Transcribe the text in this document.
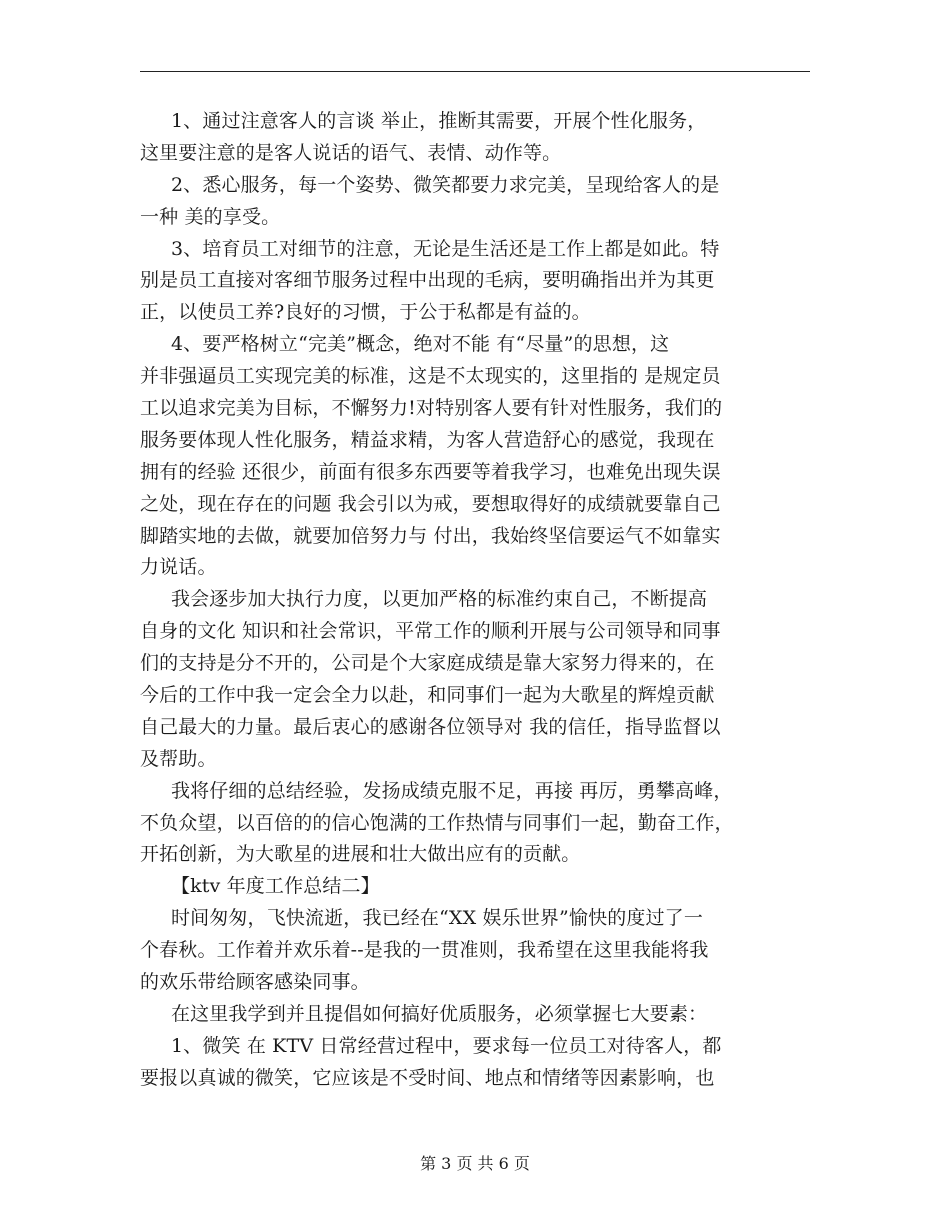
1、通过注意客人的言谈 举止，推断其需要，开展个性化服务，
这里要注意的是客人说话的语气、表情、动作等。
2、悉心服务，每一个姿势、微笑都要力求完美，呈现给客人的是
一种 美的享受。
3、培育员工对细节的注意，无论是生活还是工作上都是如此。特
别是员工直接对客细节服务过程中出现的毛病，要明确指出并为其更
正，以使员工养?良好的习惯，于公于私都是有益的。
4、要严格树立“完美”概念，绝对不能 有“尽量”的思想，这
并非强逼员工实现完美的标准，这是不太现实的，这里指的 是规定员
工以追求完美为目标，不懈努力!对特别客人要有针对性服务，我们的
服务要体现人性化服务，精益求精，为客人营造舒心的感觉，我现在
拥有的经验 还很少，前面有很多东西要等着我学习，也难免出现失误
之处，现在存在的问题 我会引以为戒，要想取得好的成绩就要靠自己
脚踏实地的去做，就要加倍努力与 付出，我始终坚信要运气不如靠实
力说话。
我会逐步加大执行力度，以更加严格的标准约束自己，不断提高
自身的文化 知识和社会常识，平常工作的顺利开展与公司领导和同事
们的支持是分不开的，公司是个大家庭成绩是靠大家努力得来的，在
今后的工作中我一定会全力以赴，和同事们一起为大歌星的辉煌贡献
自己最大的力量。最后衷心的感谢各位领导对 我的信任，指导监督以
及帮助。
我将仔细的总结经验，发扬成绩克服不足，再接 再厉，勇攀高峰，
不负众望，以百倍的的信心饱满的工作热情与同事们一起，勤奋工作，
开拓创新，为大歌星的进展和壮大做出应有的贡献。
【ktv 年度工作总结二】
时间匆匆，飞快流逝，我已经在“XX 娱乐世界”愉快的度过了一
个春秋。工作着并欢乐着--是我的一贯准则，我希望在这里我能将我
的欢乐带给顾客感染同事。
在这里我学到并且提倡如何搞好优质服务，必须掌握七大要素：
1、微笑 在 KTV 日常经营过程中，要求每一位员工对待客人，都
要报以真诚的微笑，它应该是不受时间、地点和情绪等因素影响，也
第 3 页 共 6 页
